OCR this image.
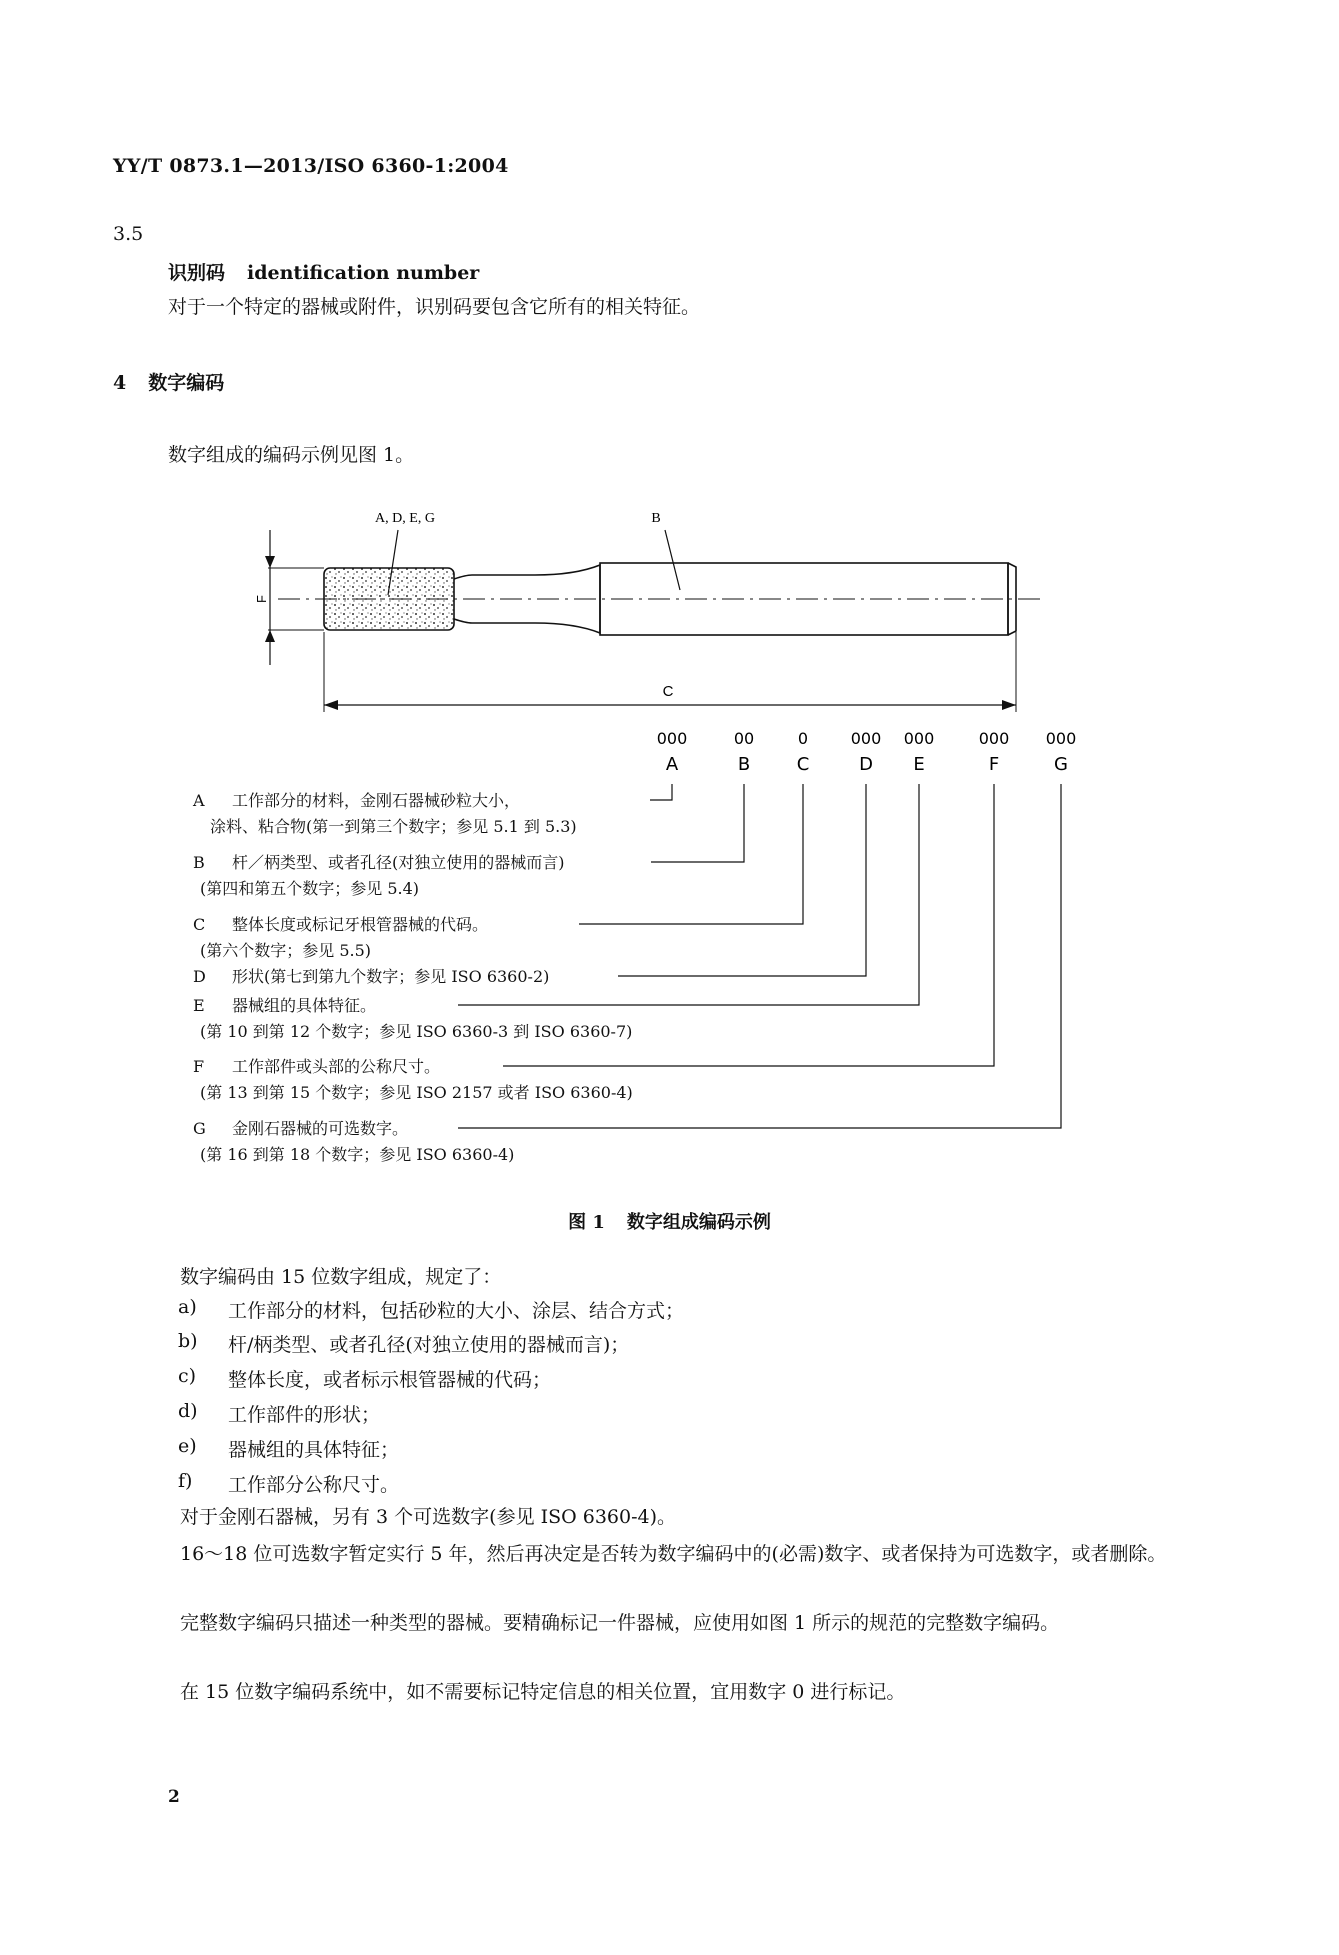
YY/T 0873.1—2013/ISO 6360-1:2004
3.5
识别码 identification number
对于一个特定的器械或附件，识别码要包含它所有的相关特征。
4 数字编码
数字组成的编码示例见图 1。
A, D, E, G	B
F
C
000
A
00
B
0
C
000
D
000
E
000
F
000
G
A 工作部分的材料，金刚石器械砂粒大小，
涂料、粘合物(第一到第三个数字；参见 5.1 到 5.3)
B 杆／柄类型、或者孔径(对独立使用的器械而言)
(第四和第五个数字；参见 5.4)
C 整体长度或标记牙根管器械的代码。
(第六个数字；参见 5.5)
D 形状(第七到第九个数字；参见 ISO 6360-2)
E 器械组的具体特征。
(第 10 到第 12 个数字；参见 ISO 6360-3 到 ISO 6360-7)
F 工作部件或头部的公称尺寸。
(第 13 到第 15 个数字；参见 ISO 2157 或者 ISO 6360-4)
G 金刚石器械的可选数字。
(第 16 到第 18 个数字；参见 ISO 6360-4)
图 1 数字组成编码示例
数字编码由 15 位数字组成，规定了：
a) 工作部分的材料，包括砂粒的大小、涂层、结合方式；
b) 杆/柄类型、或者孔径(对独立使用的器械而言)；
c) 整体长度，或者标示根管器械的代码；
d) 工作部件的形状；
e) 器械组的具体特征；
f) 工作部分公称尺寸。
对于金刚石器械，另有 3 个可选数字(参见 ISO 6360-4)。
16～18 位可选数字暂定实行 5 年，然后再决定是否转为数字编码中的(必需)数字、或者保持为可选数字，或者删除。
完整数字编码只描述一种类型的器械。要精确标记一件器械，应使用如图 1 所示的规范的完整数字编码。
在 15 位数字编码系统中，如不需要标记特定信息的相关位置，宜用数字 0 进行标记。
2
